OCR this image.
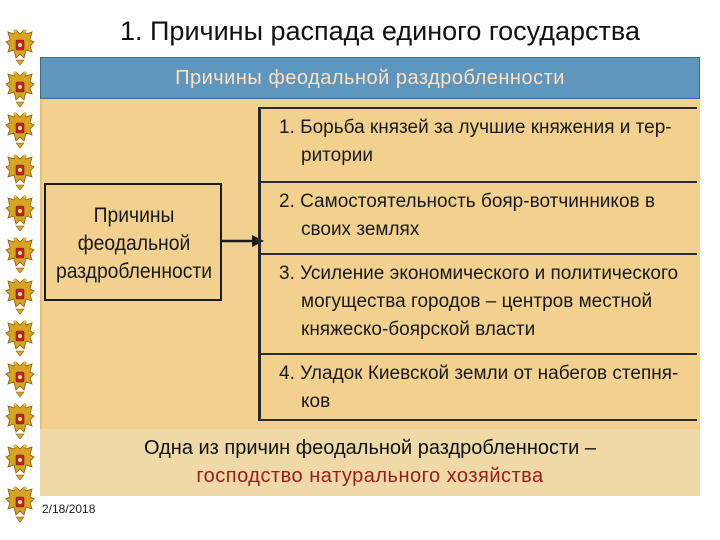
1. Причины распада единого государства
Причины феодальной раздробленности
Причины
феодальной
раздробленности
1. Борьба князей за лучшие княжения и тер-
ритории
2. Самостоятельность бояр-вотчинников в
своих землях
3. Усиление экономического и политического
могущества городов – центров местной
княжеско-боярской власти
4. Уладок Киевской земли от набегов степня-
ков
Одна из причин феодальной раздробленности –
господство натурального хозяйства
2/18/2018
